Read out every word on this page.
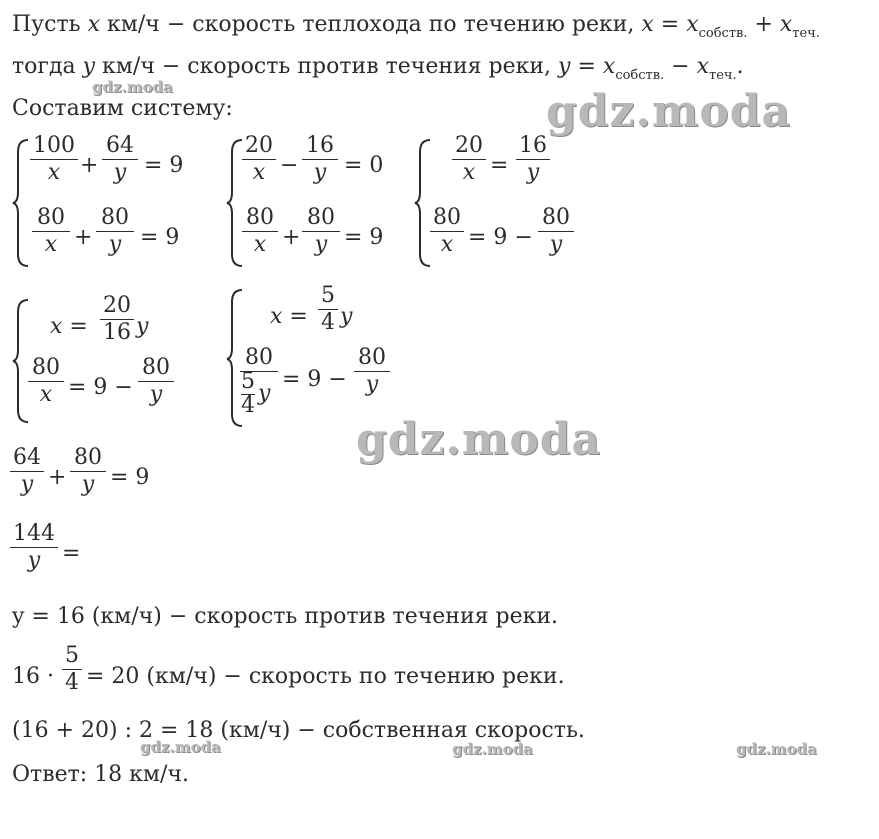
Пусть x км/ч − скорость теплохода по течению реки, $x = x_{собств.} + x_{теч.}$
тогда y км/ч − скорость против течения реки, $y = x_{собств.} - x_{теч.}$.
Составим систему:
100
x +
64
y = 9
80
x +
80
y = 9
20
x −
16
y = 0
80
x +
80
y = 9
20
x =
16
y
80
x = 9 −
80
y
x =
20
16 y
80
x = 9 −
80
y
x =
5
4 y
80
5
4 y
= 9 −
80
y
64
y +
80
y = 9
144
y =
y = 16 (км/ч) − скорость против течения реки.
16 ·
5
4 = 20 (км/ч) − скорость по течению реки.
(16 + 20) : 2 = 18 (км/ч) − собственная скорость.
Ответ: 18 км/ч.
gdz.moda
gdz.moda
gdz.moda
gdz.moda	gdz.moda	gdz.moda
